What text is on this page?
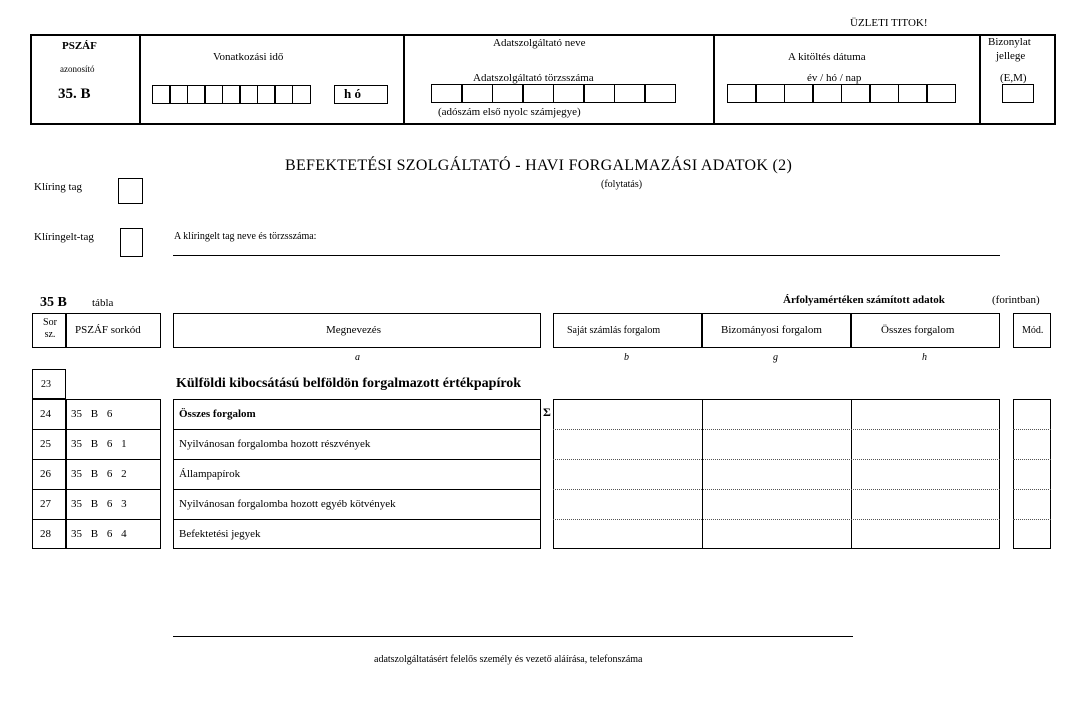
ÜZLETI TITOK!
PSZÁF
azonosító
35. B
Vonatkozási idő
h ó
Adatszolgáltató neve
Adatszolgáltató törzsszáma
(adószám első nyolc számjegye)
A kitöltés dátuma
év / hó / nap
Bizonylat
jellege
(E,M)
BEFEKTETÉSI SZOLGÁLTATÓ - HAVI FORGALMAZÁSI ADATOK (2)
(folytatás)
Klíring tag
Klíringelt-tag	A klíringelt tag neve és törzsszáma:
35 B tábla	Árfolyamértéken számított adatok	(forintban)
Sor sz.	PSZÁF sorkód	Megnevezés	Saját számlás forgalom	Bizományosi forgalom	Összes forgalom	Mód.
a	b	g	h
23	Külföldi kibocsátású belföldön forgalmazott értékpapírok
Σ
24 35 B 6	Összes forgalom
25 35 B 6 1	Nyilvánosan forgalomba hozott részvények
26 35 B 6 2	Állampapírok
27 35 B 6 3	Nyilvánosan forgalomba hozott egyéb kötvények
28 35 B 6 4	Befektetési jegyek
adatszolgáltatásért felelős személy és vezető aláírása, telefonszáma
